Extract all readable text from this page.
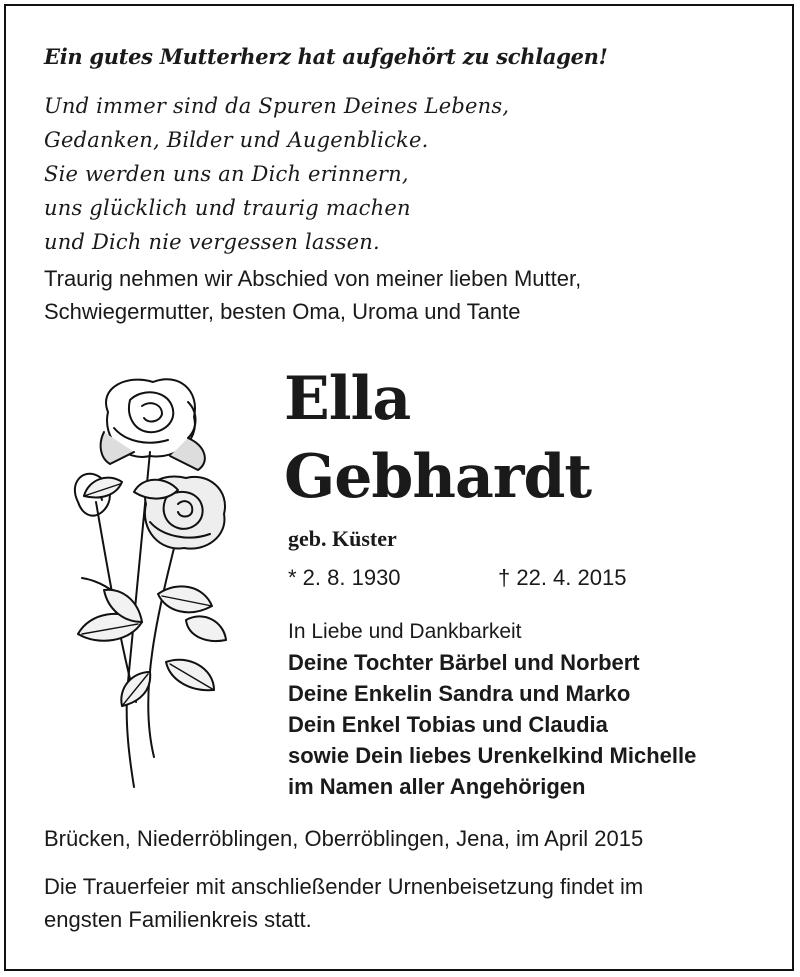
Ein gutes Mutterherz hat aufgehört zu schlagen!
Und immer sind da Spuren Deines Lebens,
Gedanken, Bilder und Augenblicke.
Sie werden uns an Dich erinnern,
uns glücklich und traurig machen
und Dich nie vergessen lassen.
Traurig nehmen wir Abschied von meiner lieben Mutter,
Schwiegermutter, besten Oma, Uroma und Tante
Ella
Gebhardt
geb. Küster
* 2. 8. 1930	† 22. 4. 2015
In Liebe und Dankbarkeit
Deine Tochter Bärbel und Norbert
Deine Enkelin Sandra und Marko
Dein Enkel Tobias und Claudia
sowie Dein liebes Urenkelkind Michelle
im Namen aller Angehörigen
Brücken, Niederröblingen, Oberröblingen, Jena, im April 2015
Die Trauerfeier mit anschließender Urnenbeisetzung findet im
engsten Familienkreis statt.
